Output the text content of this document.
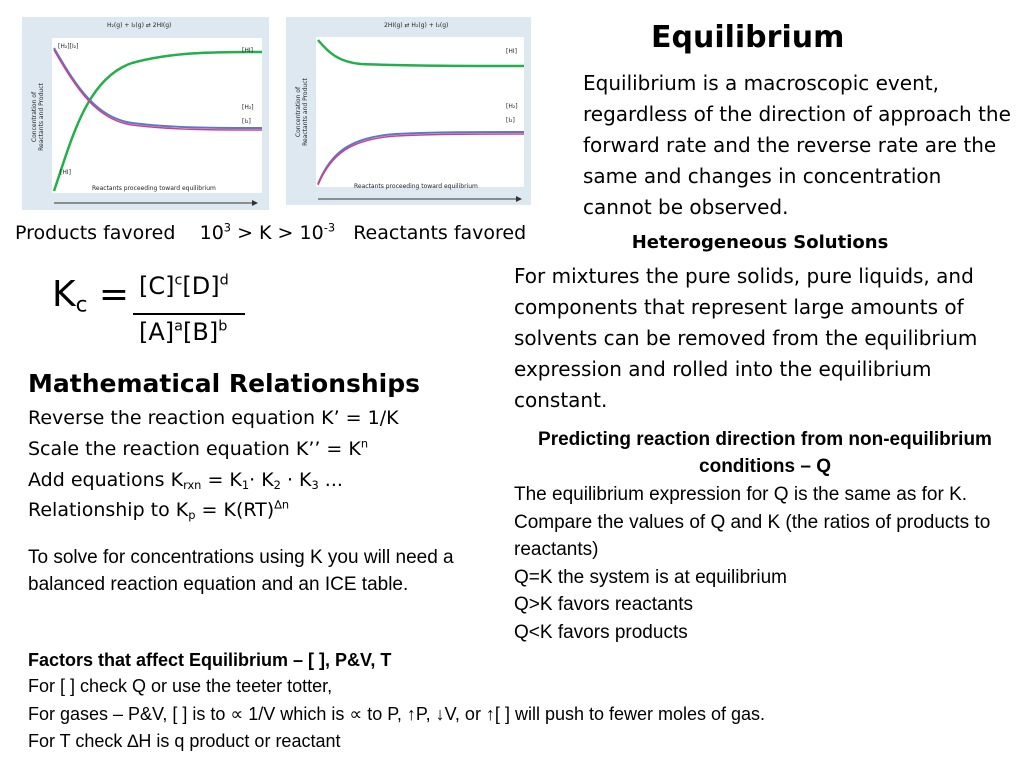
H₂(g) + I₂(g) ⇄ 2HI(g)
[H₂][I₂]
[HI]
[H₂]
[I₂]
[HI]
Concentration of Reactants and Product
Reactants proceeding toward equilibrium
2HI(g) ⇄ H₂(g) + I₂(g)
[HI]
[H₂]
[I₂]
Concentration of Reactants and Product
Reactants proceeding toward equilibrium
Products favored $10^3 > K > 10^{-3}$ Reactants favored
Equilibrium
Equilibrium is a macroscopic event, regardless of the direction of approach the forward rate and the reverse rate are the same and changes in concentration cannot be observed.
Heterogeneous Solutions
For mixtures the pure solids, pure liquids, and components that represent large amounts of solvents can be removed from the equilibrium expression and rolled into the equilibrium constant.
$K_c = [C]^c[D]^d$
$[A]^a[B]^b$
Mathematical Relationships
Reverse the reaction equation K’ = 1/K
Scale the reaction equation K’’ = $K^n$
Add equations $K_{rxn} = K_1\cdot K_2 \cdot K_3$ ...
Relationship to $K_p = K(RT)^{\Delta n}$
To solve for concentrations using K you will need a balanced reaction equation and an ICE table.
Predicting reaction direction from non-equilibrium conditions – Q
The equilibrium expression for Q is the same as for K. Compare the values of Q and K (the ratios of products to reactants)
Q=K the system is at equilibrium
Q>K favors reactants
Q<K favors products
Factors that affect Equilibrium – [ ], P&V, T
For [ ] check Q or use the teeter totter,
For gases – P&V, [ ] is to ∝ 1/V which is ∝ to P, ↑P, ↓V, or ↑[ ] will push to fewer moles of gas.
For T check ∆H is q product or reactant
